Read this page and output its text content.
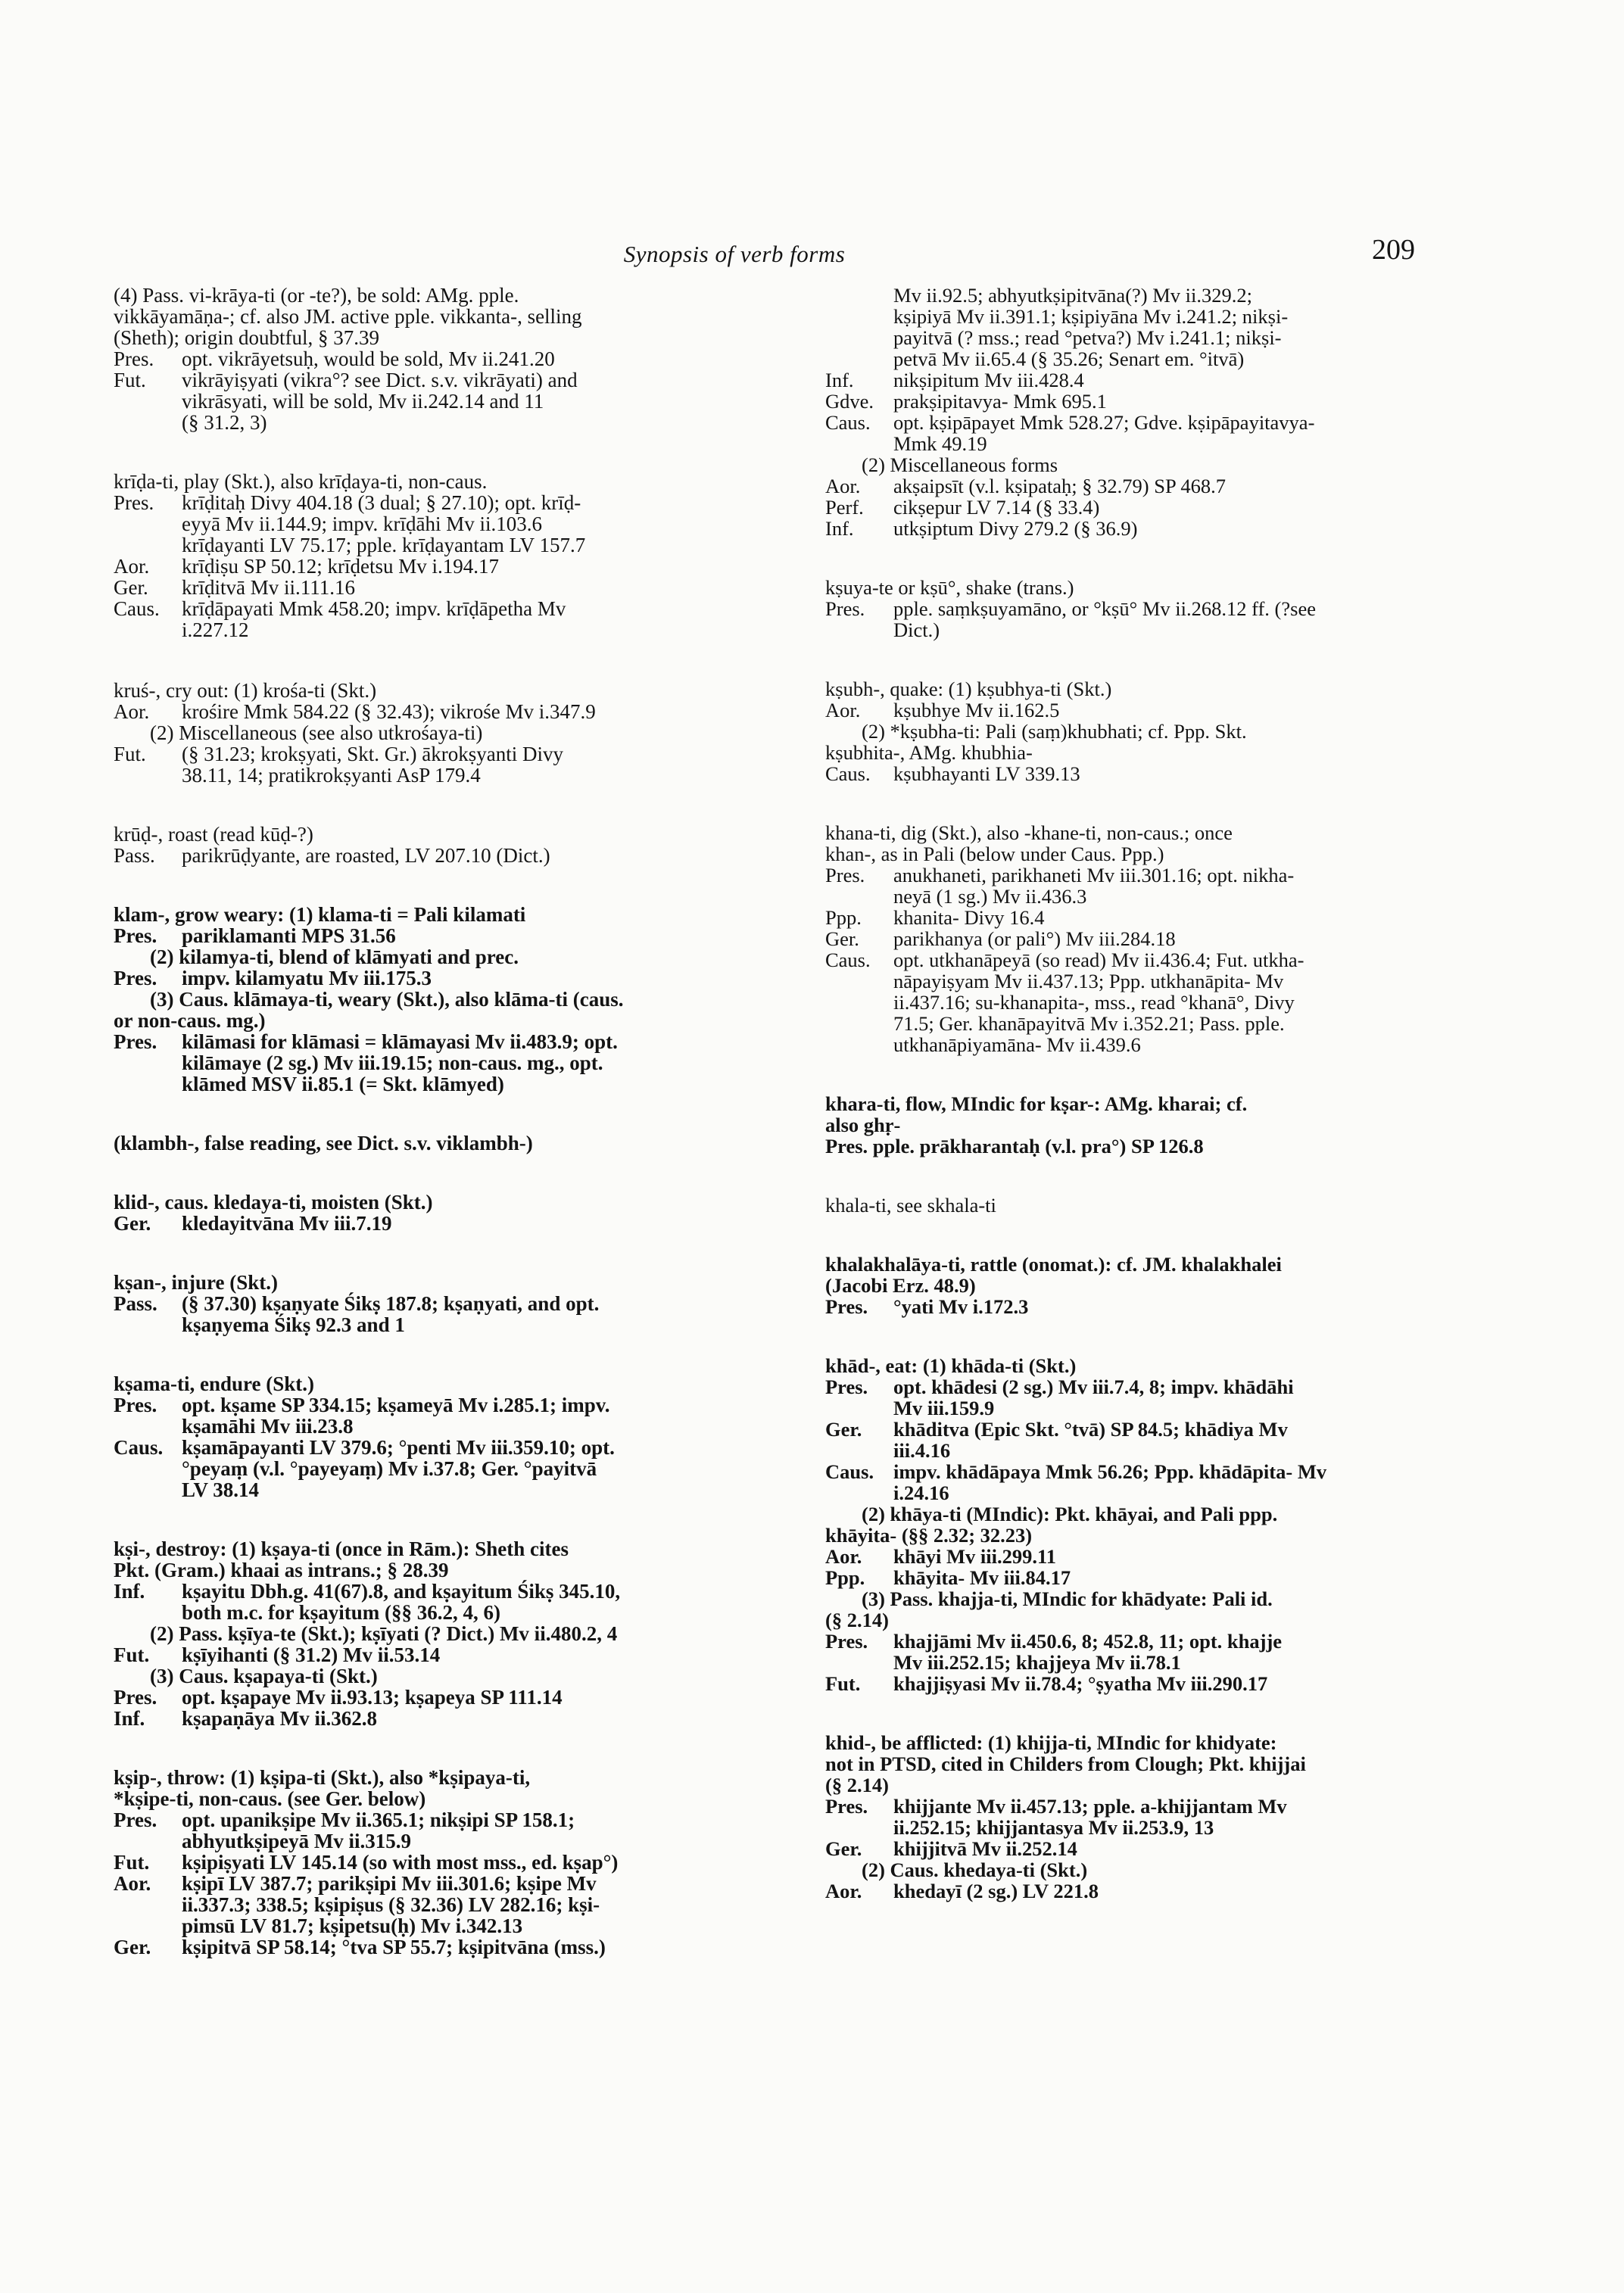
Synopsis of verb forms	209
(4) Pass. vi-krāya-ti (or -te?), be sold: AMg. pple.
vikkāyamāṇa-; cf. also JM. active pple. vikkanta-, selling
(Sheth); origin doubtful, § 37.39
Pres. opt. vikrāyetsuḥ, would be sold, Mv ii.241.20
Fut. vikrāyiṣyati (vikra°? see Dict. s.v. vikrāyati) and
vikrāsyati, will be sold, Mv ii.242.14 and 11
(§ 31.2, 3)
krīḍa-ti, play (Skt.), also krīḍaya-ti, non-caus.
Pres. krīḍitaḥ Divy 404.18 (3 dual; § 27.10); opt. krīḍ-
eyyā Mv ii.144.9; impv. krīḍāhi Mv ii.103.6
krīḍayanti LV 75.17; pple. krīḍayantam LV 157.7
Aor. krīḍiṣu SP 50.12; krīḍetsu Mv i.194.17
Ger. krīḍitvā Mv ii.111.16
Caus. krīḍāpayati Mmk 458.20; impv. krīḍāpetha Mv
i.227.12
kruś-, cry out: (1) krośa-ti (Skt.)
Aor. krośire Mmk 584.22 (§ 32.43); vikrośe Mv i.347.9
(2) Miscellaneous (see also utkrośaya-ti)
Fut. (§ 31.23; krokṣyati, Skt. Gr.) ākrokṣyanti Divy
38.11, 14; pratikrokṣyanti AsP 179.4
krūḍ-, roast (read kūḍ-?)
Pass. parikrūḍyante, are roasted, LV 207.10 (Dict.)
klam-, grow weary: (1) klama-ti = Pali kilamati
Pres. pariklamanti MPS 31.56
(2) kilamya-ti, blend of klāmyati and prec.
Pres. impv. kilamyatu Mv iii.175.3
(3) Caus. klāmaya-ti, weary (Skt.), also klāma-ti (caus.
or non-caus. mg.)
Pres. kilāmasi for klāmasi = klāmayasi Mv ii.483.9; opt.
kilāmaye (2 sg.) Mv iii.19.15; non-caus. mg., opt.
klāmed MSV ii.85.1 (= Skt. klāmyed)
(klambh-, false reading, see Dict. s.v. viklambh-)
klid-, caus. kledaya-ti, moisten (Skt.)
Ger. kledayitvāna Mv iii.7.19
kṣan-, injure (Skt.)
Pass. (§ 37.30) kṣaṇyate Śikṣ 187.8; kṣaṇyati, and opt.
kṣaṇyema Śikṣ 92.3 and 1
kṣama-ti, endure (Skt.)
Pres. opt. kṣame SP 334.15; kṣameyā Mv i.285.1; impv.
kṣamāhi Mv iii.23.8
Caus. kṣamāpayanti LV 379.6; °penti Mv iii.359.10; opt.
°peyaṃ (v.l. °payeyaṃ) Mv i.37.8; Ger. °payitvā
LV 38.14
kṣi-, destroy: (1) kṣaya-ti (once in Rām.): Sheth cites
Pkt. (Gram.) khaai as intrans.; § 28.39
Inf. kṣayitu Dbh.g. 41(67).8, and kṣayitum Śikṣ 345.10,
both m.c. for kṣayitum (§§ 36.2, 4, 6)
(2) Pass. kṣīya-te (Skt.); kṣīyati (? Dict.) Mv ii.480.2, 4
Fut. kṣīyihanti (§ 31.2) Mv ii.53.14
(3) Caus. kṣapaya-ti (Skt.)
Pres. opt. kṣapaye Mv ii.93.13; kṣapeya SP 111.14
Inf. kṣapaṇāya Mv ii.362.8
kṣip-, throw: (1) kṣipa-ti (Skt.), also *kṣipaya-ti,
*kṣipe-ti, non-caus. (see Ger. below)
Pres. opt. upanikṣipe Mv ii.365.1; nikṣipi SP 158.1;
abhyutkṣipeyā Mv ii.315.9
Fut. kṣipiṣyati LV 145.14 (so with most mss., ed. kṣap°)
Aor. kṣipī LV 387.7; parikṣipi Mv iii.301.6; kṣipe Mv
ii.337.3; 338.5; kṣipiṣus (§ 32.36) LV 282.16; kṣi-
pimsū LV 81.7; kṣipetsu(ḥ) Mv i.342.13
Ger. kṣipitvā SP 58.14; °tva SP 55.7; kṣipitvāna (mss.)
Mv ii.92.5; abhyutkṣipitvāna(?) Mv ii.329.2;
kṣipiyā Mv ii.391.1; kṣipiyāna Mv i.241.2; nikṣi-
payitvā (? mss.; read °petva?) Mv i.241.1; nikṣi-
petvā Mv ii.65.4 (§ 35.26; Senart em. °itvā)
Inf. nikṣipitum Mv iii.428.4
Gdve. prakṣipitavya- Mmk 695.1
Caus. opt. kṣipāpayet Mmk 528.27; Gdve. kṣipāpayitavya-
Mmk 49.19
(2) Miscellaneous forms
Aor. akṣaipsīt (v.l. kṣipataḥ; § 32.79) SP 468.7
Perf. cikṣepur LV 7.14 (§ 33.4)
Inf. utkṣiptum Divy 279.2 (§ 36.9)
kṣuya-te or kṣū°, shake (trans.)
Pres. pple. saṃkṣuyamāno, or °kṣū° Mv ii.268.12 ff. (?see
Dict.)
kṣubh-, quake: (1) kṣubhya-ti (Skt.)
Aor. kṣubhye Mv ii.162.5
(2) *kṣubha-ti: Pali (saṃ)khubhati; cf. Ppp. Skt.
kṣubhita-, AMg. khubhia-
Caus. kṣubhayanti LV 339.13
khana-ti, dig (Skt.), also -khane-ti, non-caus.; once
khan-, as in Pali (below under Caus. Ppp.)
Pres. anukhaneti, parikhaneti Mv iii.301.16; opt. nikha-
neyā (1 sg.) Mv ii.436.3
Ppp. khanita- Divy 16.4
Ger. parikhanya (or pali°) Mv iii.284.18
Caus. opt. utkhanāpeyā (so read) Mv ii.436.4; Fut. utkha-
nāpayiṣyam Mv ii.437.13; Ppp. utkhanāpita- Mv
ii.437.16; su-khanapita-, mss., read °khanā°, Divy
71.5; Ger. khanāpayitvā Mv i.352.21; Pass. pple.
utkhanāpiyamāna- Mv ii.439.6
khara-ti, flow, MIndic for kṣar-: AMg. kharai; cf.
also ghṛ-
Pres. pple. prākharantaḥ (v.l. pra°) SP 126.8
khala-ti, see skhala-ti
khalakhalāya-ti, rattle (onomat.): cf. JM. khalakhalei
(Jacobi Erz. 48.9)
Pres. °yati Mv i.172.3
khād-, eat: (1) khāda-ti (Skt.)
Pres. opt. khādesi (2 sg.) Mv iii.7.4, 8; impv. khādāhi
Mv iii.159.9
Ger. khāditva (Epic Skt. °tvā) SP 84.5; khādiya Mv
iii.4.16
Caus. impv. khādāpaya Mmk 56.26; Ppp. khādāpita- Mv
i.24.16
(2) khāya-ti (MIndic): Pkt. khāyai, and Pali ppp.
khāyita- (§§ 2.32; 32.23)
Aor. khāyi Mv iii.299.11
Ppp. khāyita- Mv iii.84.17
(3) Pass. khajja-ti, MIndic for khādyate: Pali id.
(§ 2.14)
Pres. khajjāmi Mv ii.450.6, 8; 452.8, 11; opt. khajje
Mv iii.252.15; khajjeya Mv ii.78.1
Fut. khajjiṣyasi Mv ii.78.4; °ṣyatha Mv iii.290.17
khid-, be afflicted: (1) khijja-ti, MIndic for khidyate:
not in PTSD, cited in Childers from Clough; Pkt. khijjai
(§ 2.14)
Pres. khijjante Mv ii.457.13; pple. a-khijjantam Mv
ii.252.15; khijjantasya Mv ii.253.9, 13
Ger. khijjitvā Mv ii.252.14
(2) Caus. khedaya-ti (Skt.)
Aor. khedayī (2 sg.) LV 221.8
